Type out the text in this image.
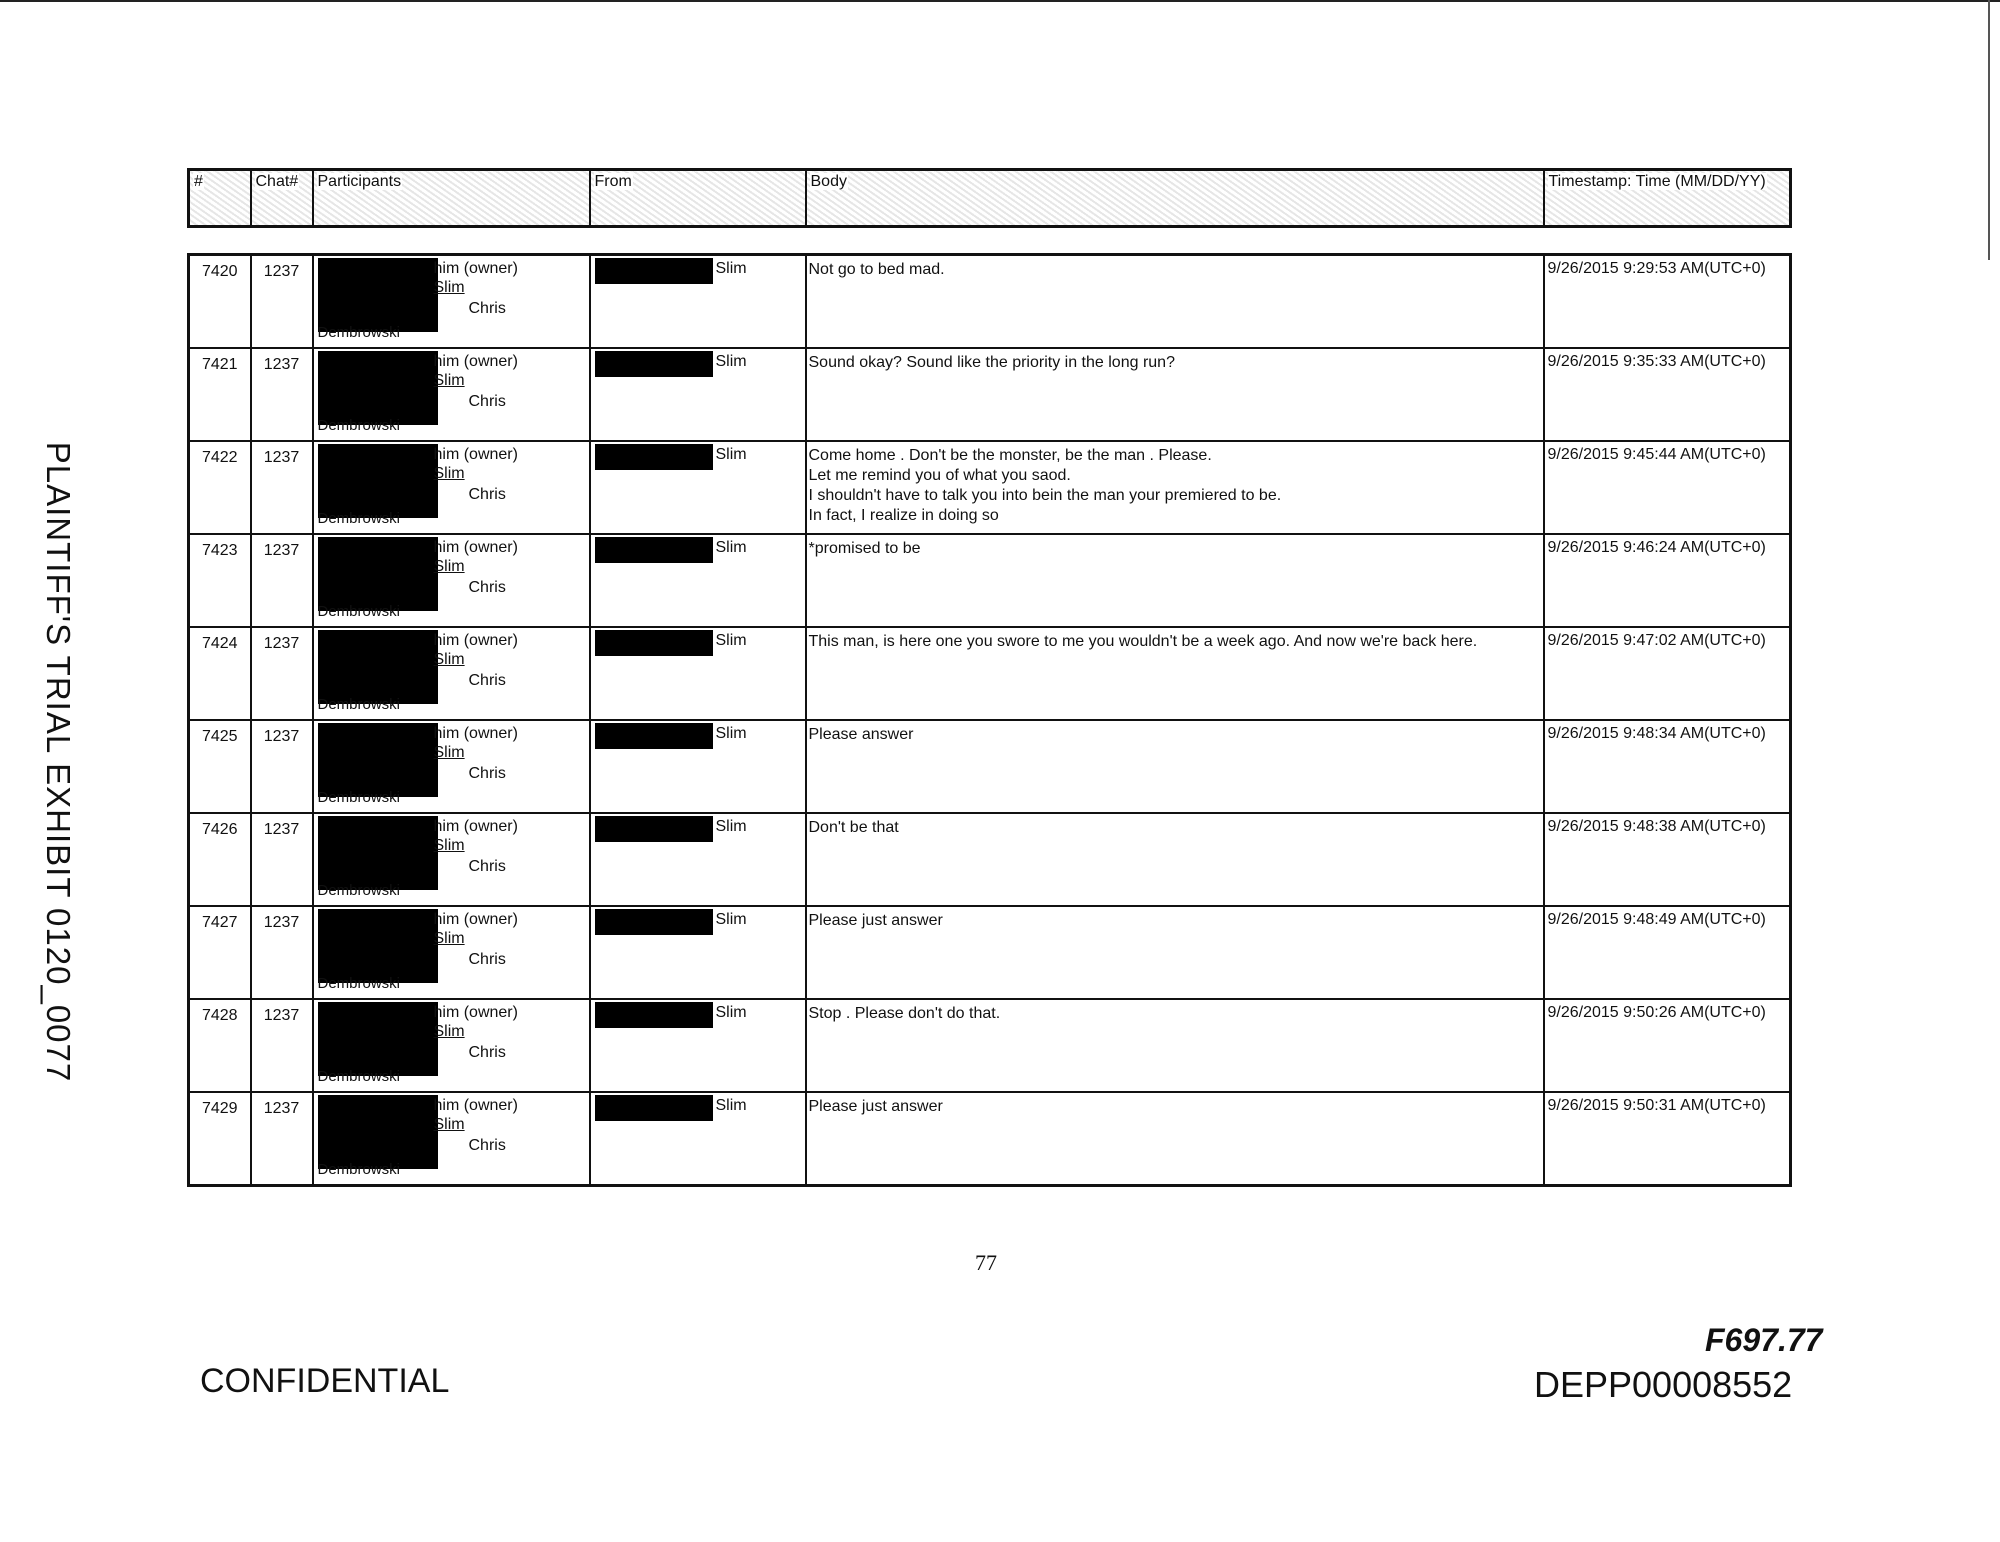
PLAINTIFF'S TRIAL EXHIBIT 0120_0077
#	Chat#	Participants	From	Body	Timestamp: Time (MM/DD/YY)
7420	1237	him (owner)
Slim
Chris
Dembrowski	Slim	Not go to bed mad.	9/26/2015 9:29:53 AM(UTC+0)

7421	1237	him (owner)
Slim
Chris
Dembrowski	Slim	Sound okay? Sound like the priority in the long run?	9/26/2015 9:35:33 AM(UTC+0)

7422	1237	him (owner)
Slim
Chris
Dembrowski	Slim	Come home . Don't be the monster, be the man . Please.
Let me remind you of what you saod.
I shouldn't have to talk you into bein the man your premiered to be.
In fact, I realize in doing so	9/26/2015 9:45:44 AM(UTC+0)

7423	1237	him (owner)
Slim
Chris
Dembrowski	Slim	*promised to be	9/26/2015 9:46:24 AM(UTC+0)

7424	1237	him (owner)
Slim
Chris
Dembrowski	Slim	This man, is here one you swore to me you wouldn't be a week ago. And now we're back here.	9/26/2015 9:47:02 AM(UTC+0)

7425	1237	him (owner)
Slim
Chris
Dembrowski	Slim	Please answer	9/26/2015 9:48:34 AM(UTC+0)

7426	1237	him (owner)
Slim
Chris
Dembrowski	Slim	Don't be that	9/26/2015 9:48:38 AM(UTC+0)

7427	1237	him (owner)
Slim
Chris
Dembrowski	Slim	Please just answer	9/26/2015 9:48:49 AM(UTC+0)

7428	1237	him (owner)
Slim
Chris
Dembrowski	Slim	Stop . Please don't do that.	9/26/2015 9:50:26 AM(UTC+0)

7429	1237	him (owner)
Slim
Chris
Dembrowski	Slim	Please just answer	9/26/2015 9:50:31 AM(UTC+0)
77
CONFIDENTIAL
F697.77
DEPP00008552
